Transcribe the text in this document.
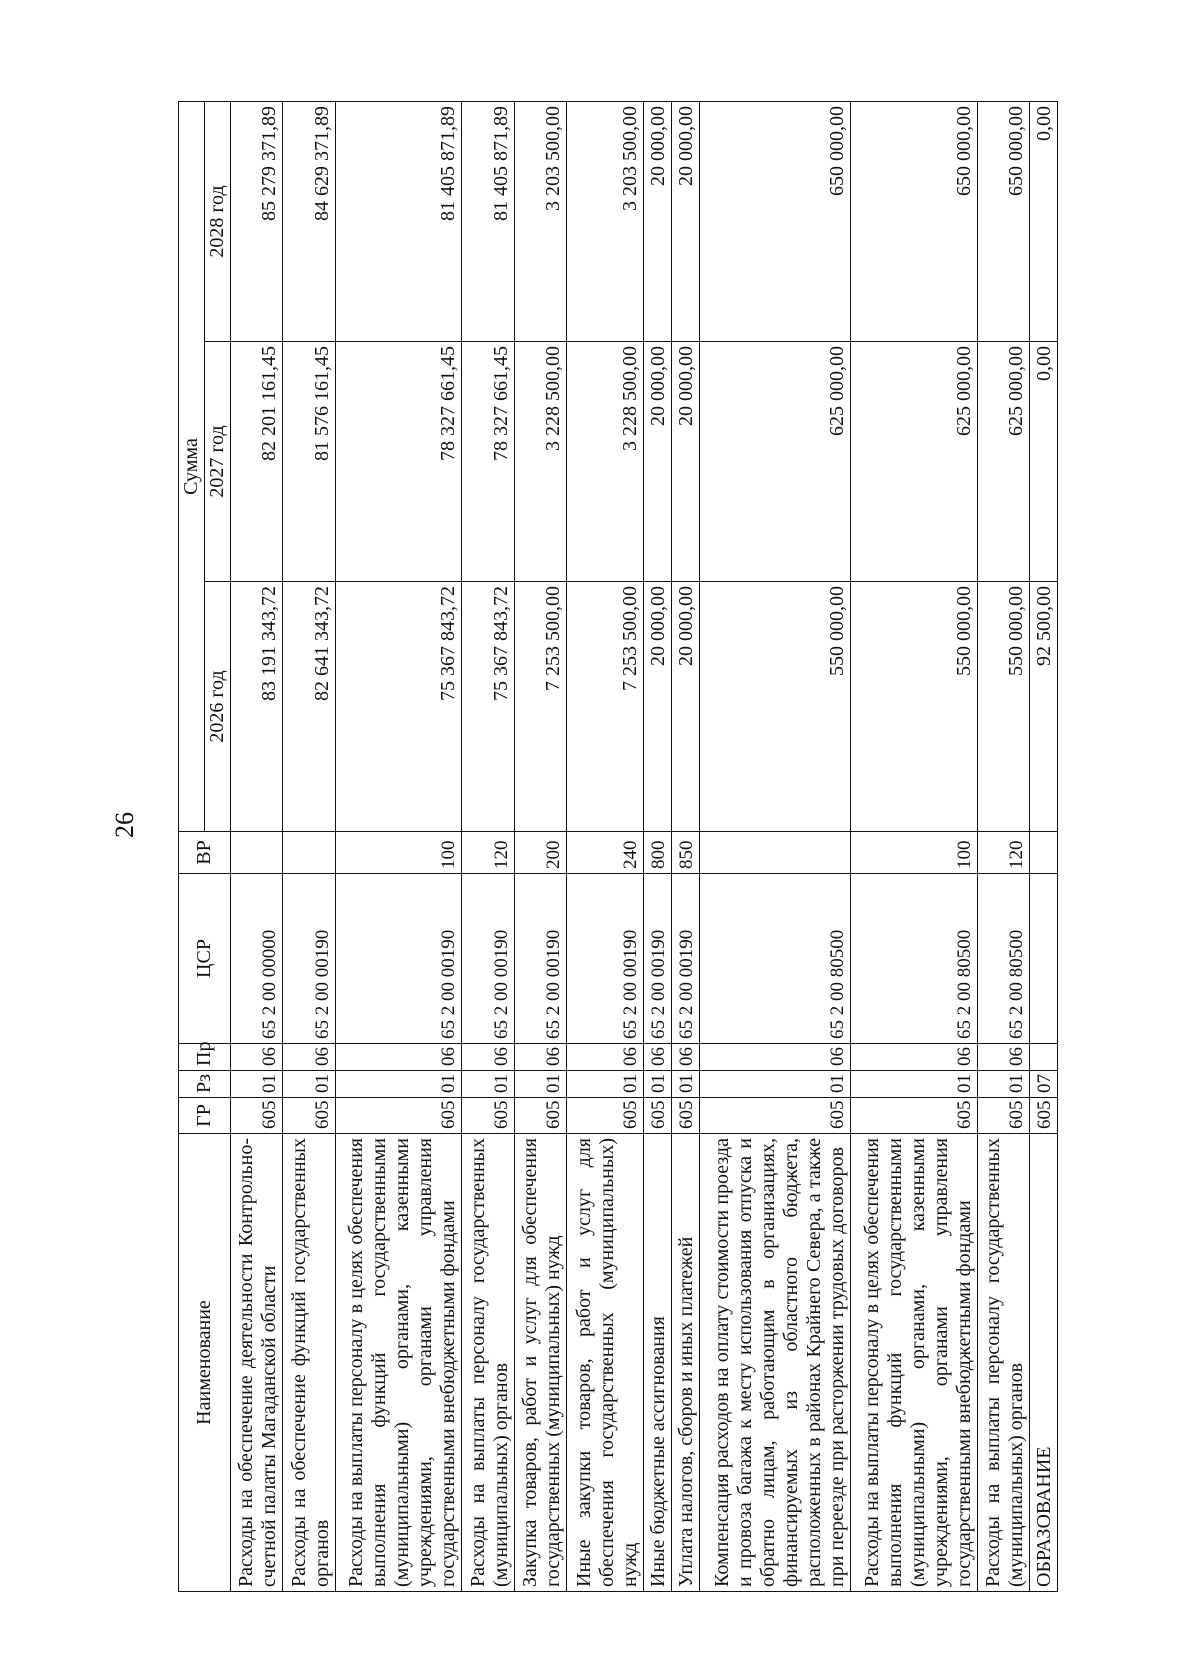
26
Наименование	ГР	Рз	Пр	ЦСР	ВР	Сумма		
						2026 год	2027 год	2028 год
Расходы на обеспечение деятельности Контрольно-счетной палаты Магаданской области	605	01	06	65 2 00 00000		83 191 343,72	82 201 161,45	85 279 371,89
Расходы на обеспечение функций государственных органов	605	01	06	65 2 00 00190		82 641 343,72	81 576 161,45	84 629 371,89
Расходы на выплаты персоналу в целях обеспечения выполнения функций государственными (муниципальными) органами, казенными учреждениями, органами управления государственными внебюджетными фондами	605	01	06	65 2 00 00190	100	75 367 843,72	78 327 661,45	81 405 871,89
Расходы на выплаты персоналу государственных (муниципальных) органов	605	01	06	65 2 00 00190	120	75 367 843,72	78 327 661,45	81 405 871,89
Закупка товаров, работ и услуг для обеспечения государственных (муниципальных) нужд	605	01	06	65 2 00 00190	200	7 253 500,00	3 228 500,00	3 203 500,00
Иные закупки товаров, работ и услуг для обеспечения государственных (муниципальных) нужд	605	01	06	65 2 00 00190	240	7 253 500,00	3 228 500,00	3 203 500,00
Иные бюджетные ассигнования	605	01	06	65 2 00 00190	800	20 000,00	20 000,00	20 000,00
Уплата налогов, сборов и иных платежей	605	01	06	65 2 00 00190	850	20 000,00	20 000,00	20 000,00
Компенсация расходов на оплату стоимости проезда и провоза багажа к месту использования отпуска и обратно лицам, работающим в организациях, финансируемых из областного бюджета, расположенных в районах Крайнего Севера, а также при переезде при расторжении трудовых договоров	605	01	06	65 2 00 80500		550 000,00	625 000,00	650 000,00
Расходы на выплаты персоналу в целях обеспечения выполнения функций государственными (муниципальными) органами, казенными учреждениями, органами управления государственными внебюджетными фондами	605	01	06	65 2 00 80500	100	550 000,00	625 000,00	650 000,00
Расходы на выплаты персоналу государственных (муниципальных) органов	605	01	06	65 2 00 80500	120	550 000,00	625 000,00	650 000,00
ОБРАЗОВАНИЕ	605	07				92 500,00	0,00	0,00
